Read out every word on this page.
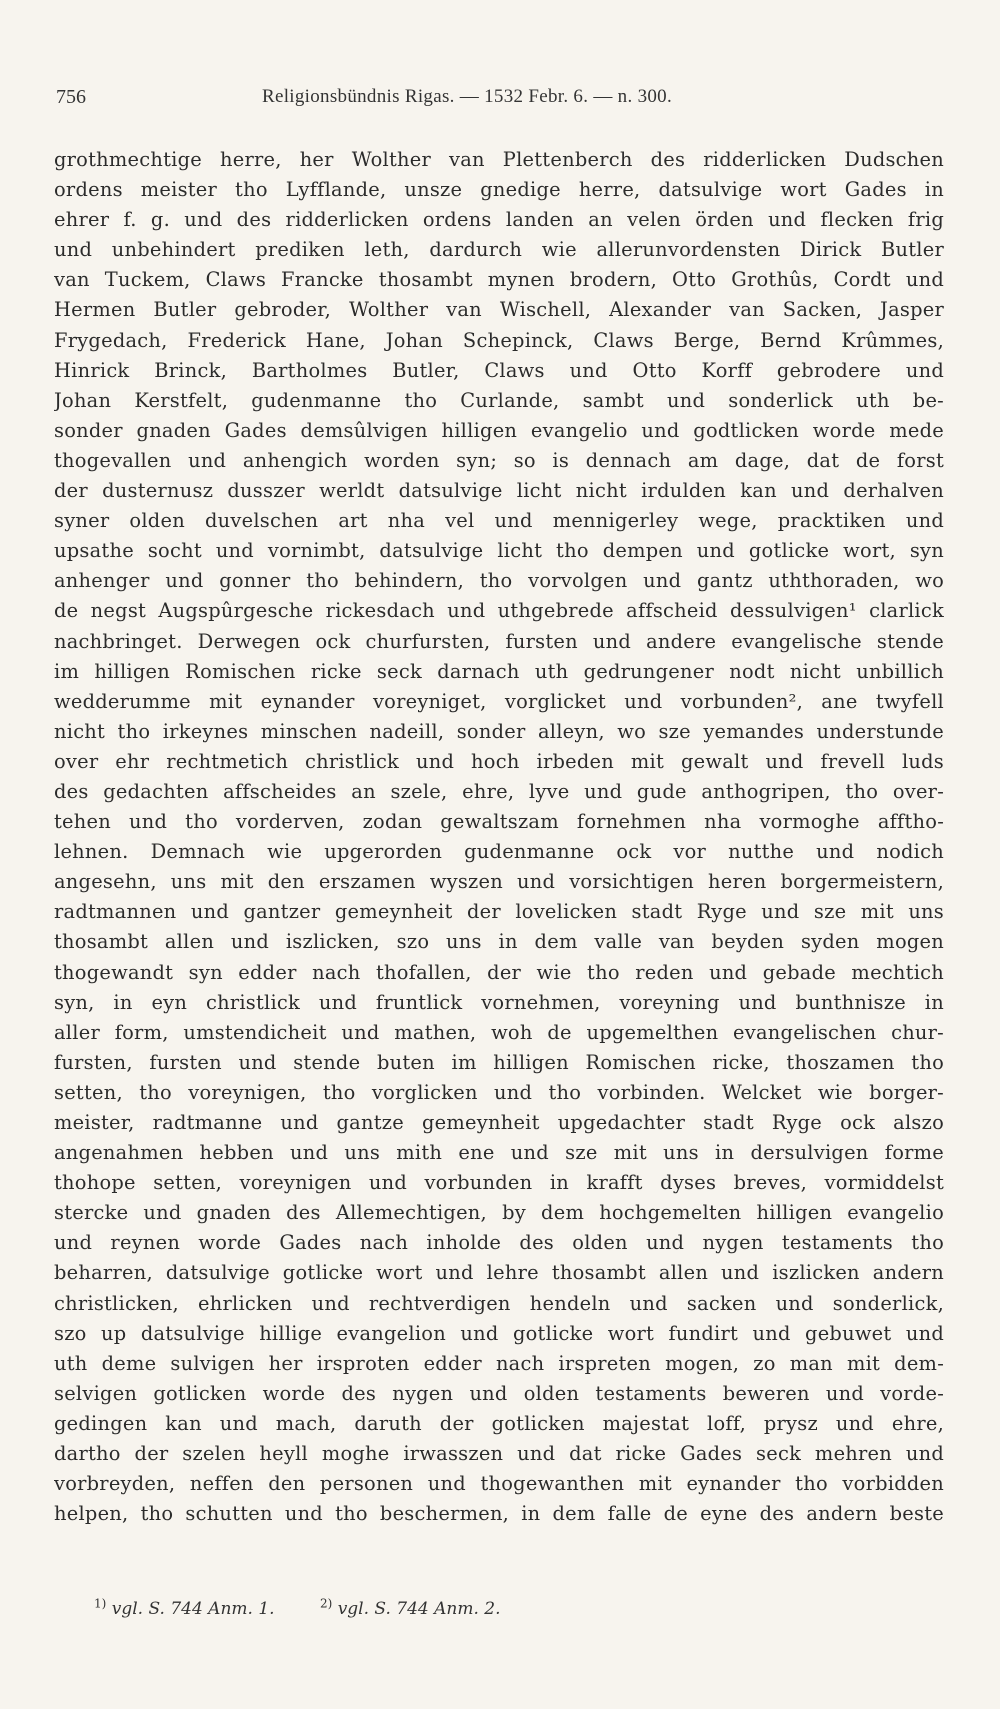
756	Religionsbündnis Rigas. — 1532 Febr. 6. — n. 300.
grothmechtige herre, her Wolther van Plettenberch des ridderlicken Dudschen
ordens meister tho Lyfflande, unsze gnedige herre, datsulvige wort Gades in
ehrer f. g. und des ridderlicken ordens landen an velen örden und flecken frig
und unbehindert prediken leth, dardurch wie allerunvordensten Dirick Butler
van Tuckem, Claws Francke thosambt mynen brodern, Otto Grothûs, Cordt und
Hermen Butler gebroder, Wolther van Wischell, Alexander van Sacken, Jasper
Frygedach, Frederick Hane, Johan Schepinck, Claws Berge, Bernd Krûmmes,
Hinrick Brinck, Bartholmes Butler, Claws und Otto Korff gebrodere und
Johan Kerstfelt, gudenmanne tho Curlande, sambt und sonderlick uth be-
sonder gnaden Gades demsûlvigen hilligen evangelio und godtlicken worde mede
thogevallen und anhengich worden syn; so is dennach am dage, dat de forst
der dusternusz dusszer werldt datsulvige licht nicht irdulden kan und derhalven
syner olden duvelschen art nha vel und mennigerley wege, pracktiken und
upsathe socht und vornimbt, datsulvige licht tho dempen und gotlicke wort, syn
anhenger und gonner tho behindern, tho vorvolgen und gantz uththoraden, wo
de negst Augspûrgesche rickesdach und uthgebrede affscheid dessulvigen¹ clarlick
nachbringet. Derwegen ock churfursten, fursten und andere evangelische stende
im hilligen Romischen ricke seck darnach uth gedrungener nodt nicht unbillich
wedderumme mit eynander voreyniget, vorglicket und vorbunden², ane twyfell
nicht tho irkeynes minschen nadeill, sonder alleyn, wo sze yemandes understunde
over ehr rechtmetich christlick und hoch irbeden mit gewalt und frevell luds
des gedachten affscheides an szele, ehre, lyve und gude anthogripen, tho over-
tehen und tho vorderven, zodan gewaltszam fornehmen nha vormoghe afftho-
lehnen. Demnach wie upgerorden gudenmanne ock vor nutthe und nodich
angesehn, uns mit den erszamen wyszen und vorsichtigen heren borgermeistern,
radtmannen und gantzer gemeynheit der lovelicken stadt Ryge und sze mit uns
thosambt allen und iszlicken, szo uns in dem valle van beyden syden mogen
thogewandt syn edder nach thofallen, der wie tho reden und gebade mechtich
syn, in eyn christlick und fruntlick vornehmen, voreyning und bunthnisze in
aller form, umstendicheit und mathen, woh de upgemelthen evangelischen chur-
fursten, fursten und stende buten im hilligen Romischen ricke, thoszamen tho
setten, tho voreynigen, tho vorglicken und tho vorbinden. Welcket wie borger-
meister, radtmanne und gantze gemeynheit upgedachter stadt Ryge ock alszo
angenahmen hebben und uns mith ene und sze mit uns in dersulvigen forme
thohope setten, voreynigen und vorbunden in krafft dyses breves, vormiddelst
stercke und gnaden des Allemechtigen, by dem hochgemelten hilligen evangelio
und reynen worde Gades nach inholde des olden und nygen testaments tho
beharren, datsulvige gotlicke wort und lehre thosambt allen und iszlicken andern
christlicken, ehrlicken und rechtverdigen hendeln und sacken und sonderlick,
szo up datsulvige hillige evangelion und gotlicke wort fundirt und gebuwet und
uth deme sulvigen her irsproten edder nach irspreten mogen, zo man mit dem-
selvigen gotlicken worde des nygen und olden testaments beweren und vorde-
gedingen kan und mach, daruth der gotlicken majestat loff, prysz und ehre,
dartho der szelen heyll moghe irwasszen und dat ricke Gades seck mehren und
vorbreyden, neffen den personen und thogewanthen mit eynander tho vorbidden
helpen, tho schutten und tho beschermen, in dem falle de eyne des andern beste
$^{1)}$ vgl. S. 744 Anm. 1.	$^{2)}$ vgl. S. 744 Anm. 2.
